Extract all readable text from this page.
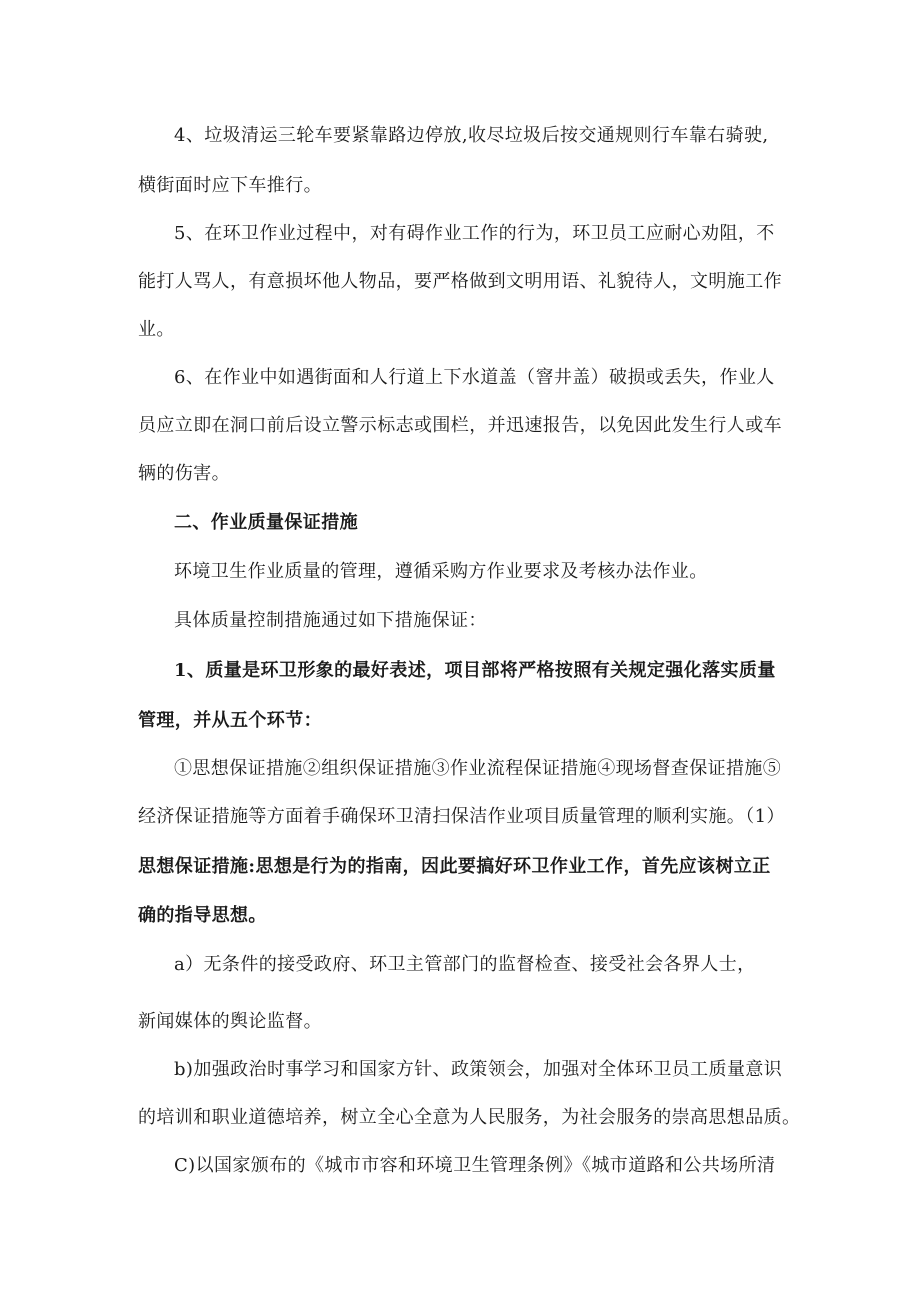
4、垃圾清运三轮车要紧靠路边停放,收尽垃圾后按交通规则行车靠右骑驶,
横街面时应下车推行。
5、在环卫作业过程中，对有碍作业工作的行为，环卫员工应耐心劝阻，不
能打人骂人，有意损坏他人物品，要严格做到文明用语、礼貌待人，文明施工作
业。
6、在作业中如遇街面和人行道上下水道盖（窨井盖）破损或丢失，作业人
员应立即在洞口前后设立警示标志或围栏，并迅速报告，以免因此发生行人或车
辆的伤害。
二、作业质量保证措施
环境卫生作业质量的管理，遵循采购方作业要求及考核办法作业。
具体质量控制措施通过如下措施保证：
1、质量是环卫形象的最好表述，项目部将严格按照有关规定强化落实质量
管理，并从五个环节：
①思想保证措施②组织保证措施③作业流程保证措施④现场督查保证措施⑤
经济保证措施等方面着手确保环卫清扫保洁作业项目质量管理的顺利实施。（1）
思想保证措施:思想是行为的指南，因此要搞好环卫作业工作，首先应该树立正
确的指导思想。
a）无条件的接受政府、环卫主管部门的监督检查、接受社会各界人士，
新闻媒体的舆论监督。
b)加强政治时事学习和国家方针、政策领会，加强对全体环卫员工质量意识
的培训和职业道德培养，树立全心全意为人民服务，为社会服务的崇高思想品质。
C)以国家颁布的《城市市容和环境卫生管理条例》《城市道路和公共场所清
